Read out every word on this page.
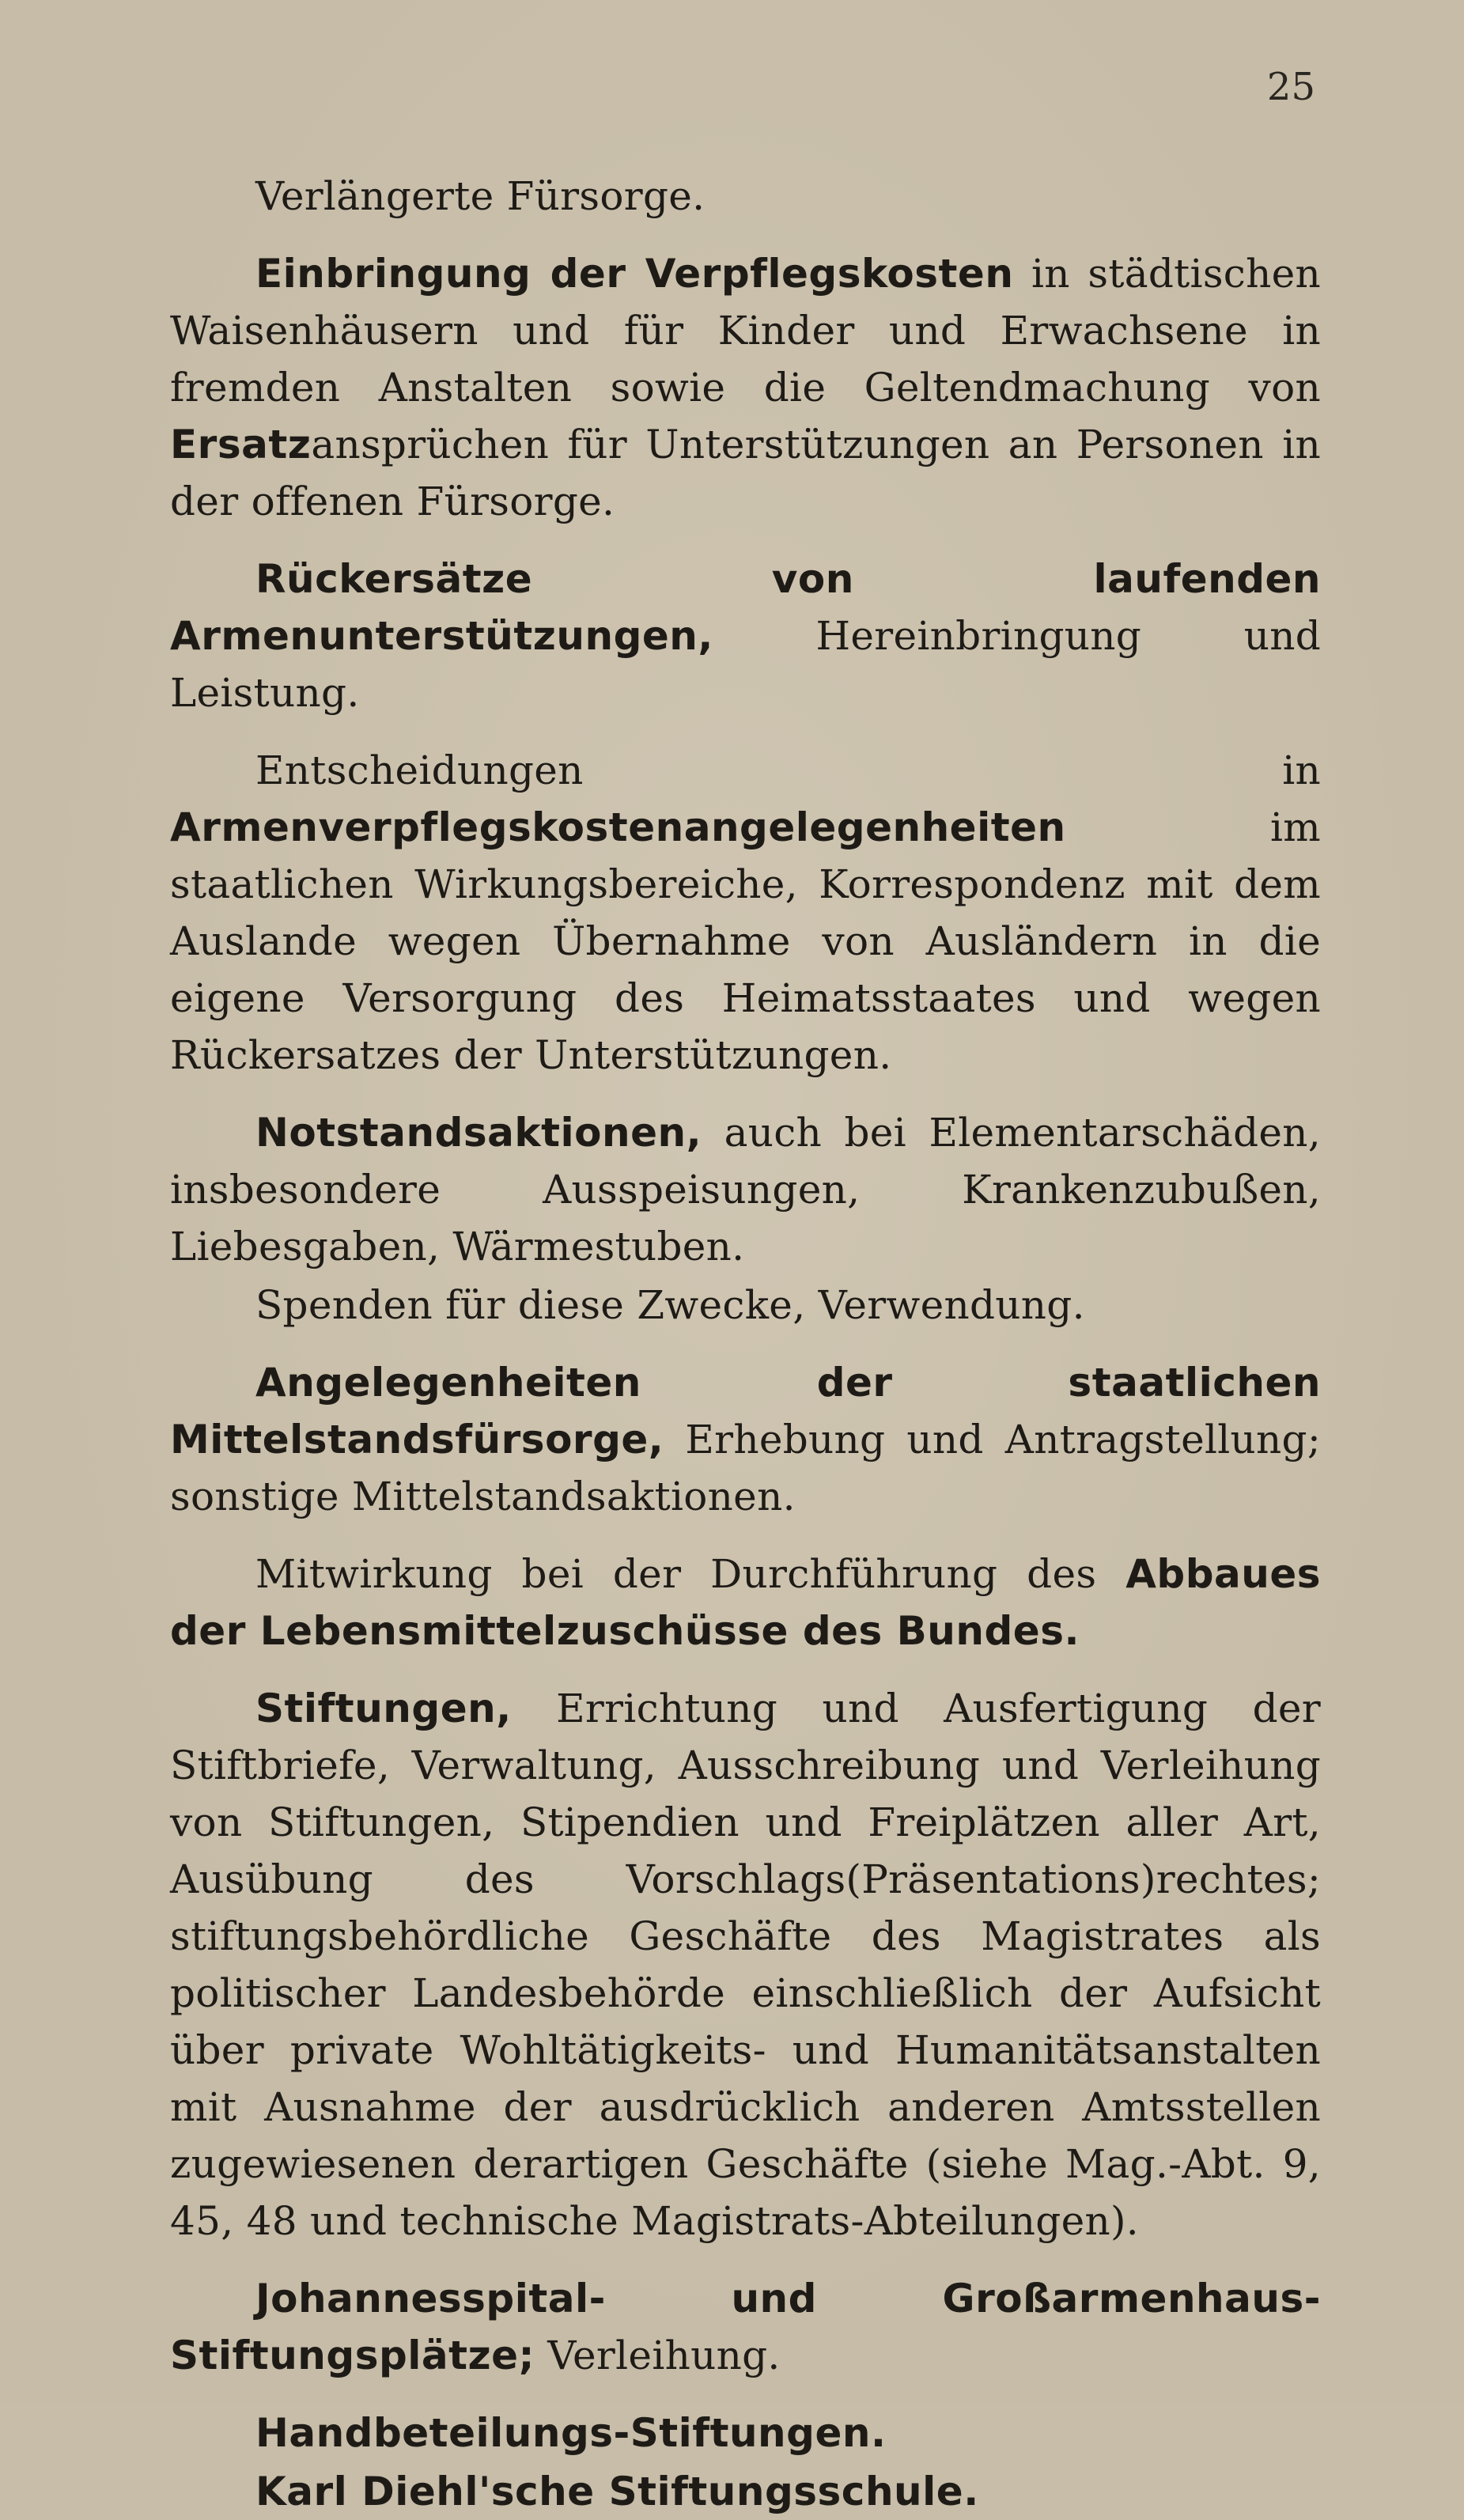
25

Verlängerte Fürsorge.

Einbringung der Verpflegskosten in städtischen Waisenhäusern und für Kinder und Erwachsene in fremden Anstalten sowie die Geltendmachung von Ersatzansprüchen für Unterstützungen an Personen in der offenen Fürsorge.

Rückersätze von laufenden Armenunterstützungen, Hereinbringung und Leistung.

Entscheidungen in Armenverpflegskostenangelegenheiten im staatlichen Wirkungsbereiche, Korrespondenz mit dem Auslande wegen Übernahme von Ausländern in die eigene Versorgung des Heimatsstaates und wegen Rückersatzes der Unterstützungen.

Notstandsaktionen, auch bei Elementarschäden, insbesondere Ausspeisungen, Krankenzubußen, Liebesgaben, Wärmestuben.

Spenden für diese Zwecke, Verwendung.

Angelegenheiten der staatlichen Mittelstandsfürsorge, Erhebung und Antragstellung; sonstige Mittelstandsaktionen.

Mitwirkung bei der Durchführung des Abbaues der Lebensmittelzuschüsse des Bundes.

Stiftungen, Errichtung und Ausfertigung der Stiftbriefe, Verwaltung, Ausschreibung und Verleihung von Stiftungen, Stipendien und Freiplätzen aller Art, Ausübung des Vorschlags(Präsentations)rechtes; stiftungsbehördliche Geschäfte des Magistrates als politischer Landesbehörde einschließlich der Aufsicht über private Wohltätigkeits- und Humanitätsanstalten mit Ausnahme der ausdrücklich anderen Amtsstellen zugewiesenen derartigen Geschäfte (siehe Mag.-Abt. 9, 45, 48 und technische Magistrats-Abteilungen).

Johannesspital- und Großarmenhaus-Stiftungsplätze; Verleihung.

Handbeteilungs-Stiftungen.

Karl Diehl'sche Stiftungsschule.
